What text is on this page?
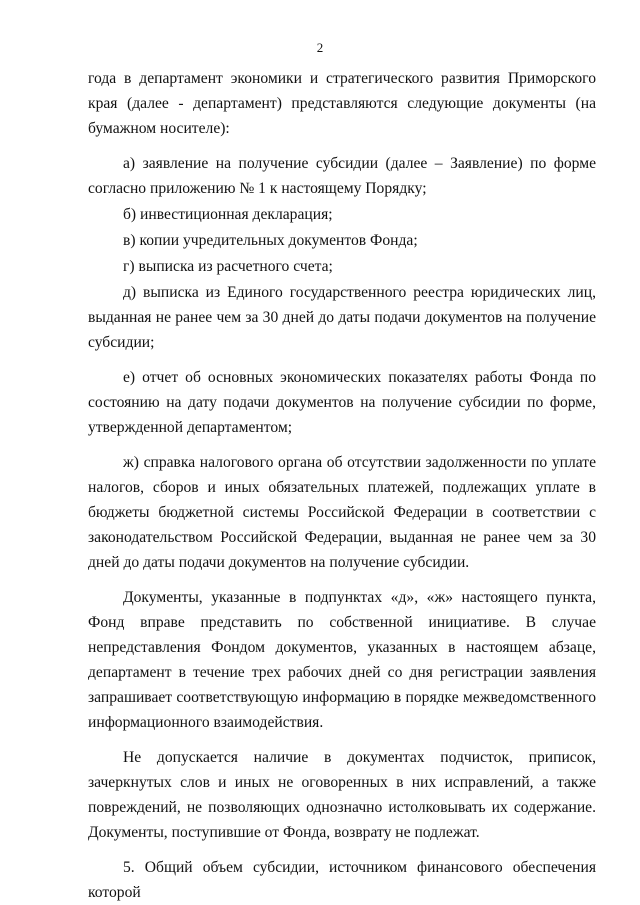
2

года в департамент экономики и стратегического развития Приморского края (далее - департамент) представляются следующие документы (на бумажном носителе):

а) заявление на получение субсидии (далее – Заявление) по форме согласно приложению № 1 к настоящему Порядку;

б) инвестиционная декларация;

в) копии учредительных документов Фонда;

г) выписка из расчетного счета;

д) выписка из Единого государственного реестра юридических лиц, выданная не ранее чем за 30 дней до даты подачи документов на получение субсидии;

е) отчет об основных экономических показателях работы Фонда по состоянию на дату подачи документов на получение субсидии по форме, утвержденной департаментом;

ж) справка налогового органа об отсутствии задолженности по уплате налогов, сборов и иных обязательных платежей, подлежащих уплате в бюджеты бюджетной системы Российской Федерации в соответствии с законодательством Российской Федерации, выданная не ранее чем за 30 дней до даты подачи документов на получение субсидии.

Документы, указанные в подпунктах «д», «ж» настоящего пункта, Фонд вправе представить по собственной инициативе. В случае непредставления Фондом документов, указанных в настоящем абзаце, департамент в течение трех рабочих дней со дня регистрации заявления запрашивает соответствующую информацию в порядке межведомственного информационного взаимодействия.

Не допускается наличие в документах подчисток, приписок, зачеркнутых слов и иных не оговоренных в них исправлений, а также повреждений, не позволяющих однозначно истолковывать их содержание. Документы, поступившие от Фонда, возврату не подлежат.

5. Общий объем субсидии, источником финансового обеспечения которой
